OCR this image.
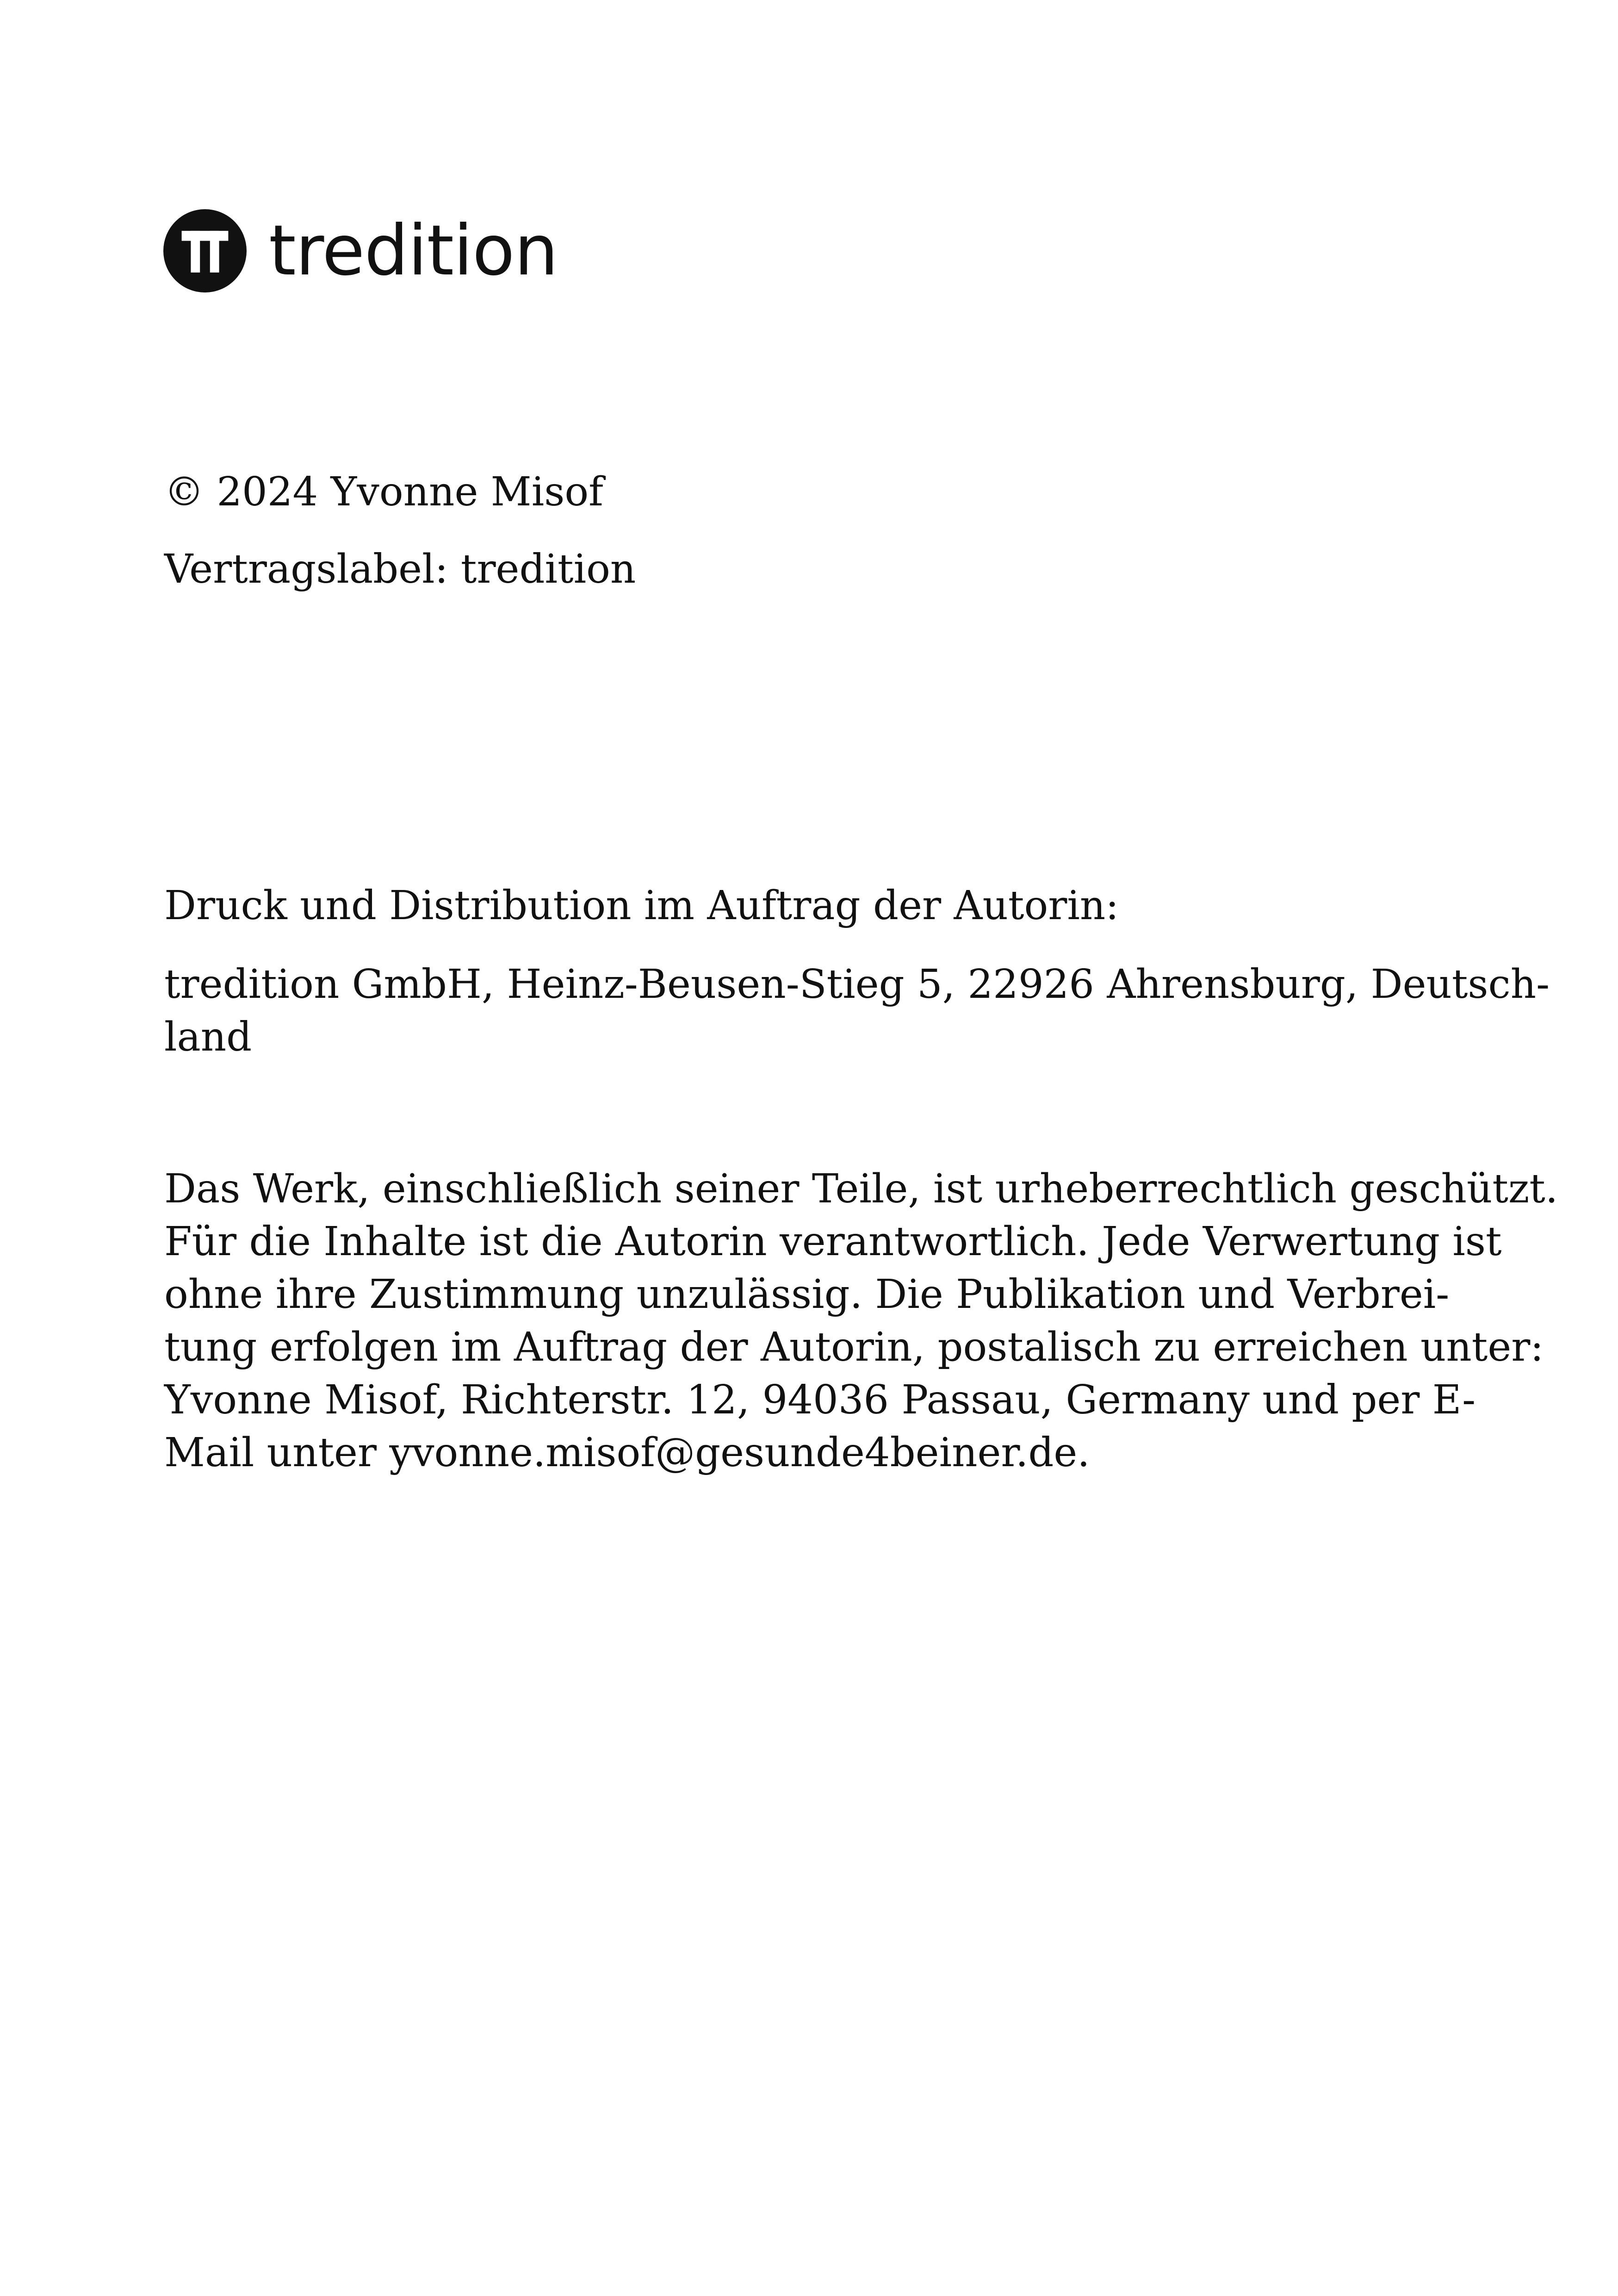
tredition

© 2024 Yvonne Misof

Vertragslabel: tredition

Druck und Distribution im Auftrag der Autorin:

tredition GmbH, Heinz-Beusen-Stieg 5, 22926 Ahrensburg, Deutsch-
land
Das Werk, einschließlich seiner Teile, ist urheberrechtlich geschützt.
Für die Inhalte ist die Autorin verantwortlich. Jede Verwertung ist
ohne ihre Zustimmung unzulässig. Die Publikation und Verbrei-
tung erfolgen im Auftrag der Autorin, postalisch zu erreichen unter:
Yvonne Misof, Richterstr. 12, 94036 Passau, Germany und per E-
Mail unter yvonne.misof@gesunde4beiner.de.
